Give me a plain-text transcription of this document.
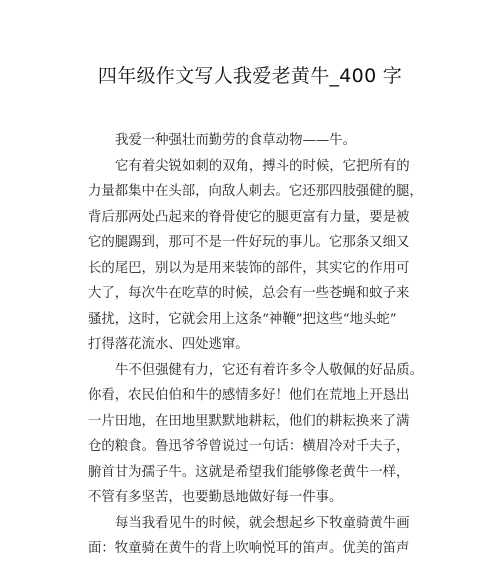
四年级作文写人我爱老黄牛_400 字
我爱一种强壮而勤劳的食草动物——牛。
它有着尖锐如刺的双角，搏斗的时候，它把所有的
力量都集中在头部，向敌人刺去。它还那四肢强健的腿，
背后那两处凸起来的脊骨使它的腿更富有力量，要是被
它的腿踢到，那可不是一件好玩的事儿。它那条又细又
长的尾巴，别以为是用来装饰的部件，其实它的作用可
大了，每次牛在吃草的时候，总会有一些苍蝇和蚊子来
骚扰，这时，它就会用上这条“神鞭”把这些“地头蛇”
打得落花流水、四处逃窜。
牛不但强健有力，它还有着许多令人敬佩的好品质。
你看，农民伯伯和牛的感情多好！他们在荒地上开恳出
一片田地，在田地里默默地耕耘，他们的耕耘换来了满
仓的粮食。鲁迅爷爷曾说过一句话：横眉冷对千夫子，
腑首甘为孺子牛。这就是希望我们能够像老黄牛一样，
不管有多坚苦，也要勤恳地做好每一件事。
每当我看见牛的时候，就会想起乡下牧童骑黄牛画
面：牧童骑在黄牛的背上吹响悦耳的笛声。优美的笛声
